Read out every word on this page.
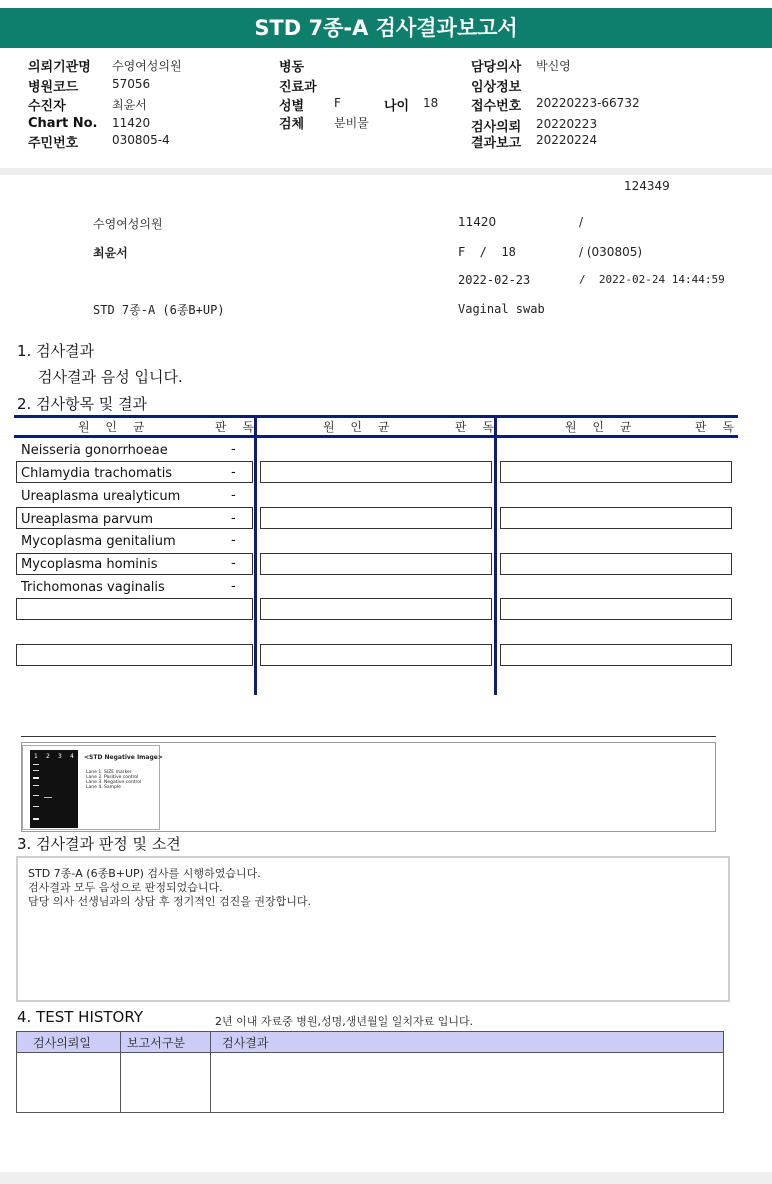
STD 7종-A 검사결과보고서
의뢰기관명 수영여성의원
병원코드	57056
수진자	최윤서
Chart No. 11420
주민번호	030805-4
병동
진료과
성별 F	나이 18
검체 분비물
담당의사 박신영
임상정보
접수번호 20220223-66732
검사의뢰 20220223
결과보고 20220224
124349
수영여성의원	11420	/
최윤서	F  /  18	/ (030805)
2022-02-23	/  2022-02-24 14:44:59
STD 7종-A (6종B+UP)	Vaginal swab
1. 검사결과
검사결과 음성 입니다.
2. 검사항목 및 결과
원 인 균	판 독	원 인 균	판 독	원 인 균	판 독
Neisseria gonorrhoeae	-
Chlamydia trachomatis	-
Ureaplasma urealyticum	-
Ureaplasma parvum	-
Mycoplasma genitalium	-
Mycoplasma hominis	-
Trichomonas vaginalis	-
1 2 3 4 <STD Negative Image>
Lane 1. SIZE marker
Lane 2. Positive control
Lane 3. Negative control
Lane 4. Sample
3. 검사결과 판정 및 소견
STD 7종-A (6종B+UP) 검사를 시행하였습니다.
검사결과 모두 음성으로 판정되었습니다.
담당 의사 선생님과의 상담 후 정기적인 검진을 권장합니다.
4. TEST HISTORY	2년 이내 자료중 병원,성명,생년월일 일치자료 입니다.
검사의뢰일	보고서구분	검사결과
